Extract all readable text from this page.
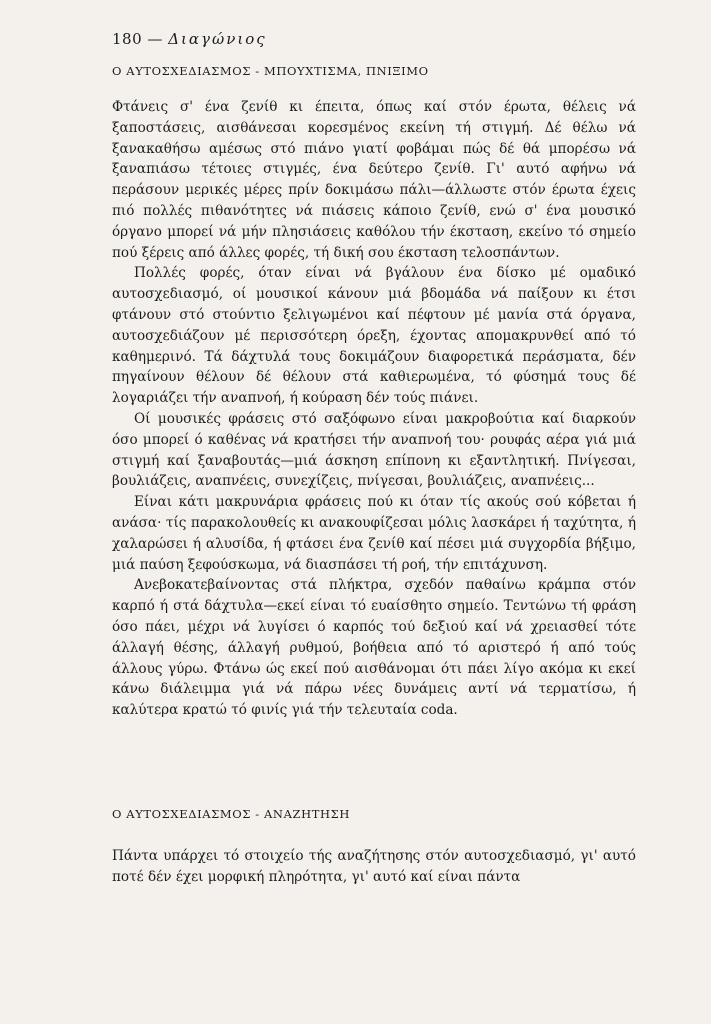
180 — Διαγώνιος
Ο ΑΥΤΟΣΧΕΔΙΑΣΜΟΣ - ΜΠΟΥΧΤΙΣΜΑ, ΠΝΙΞΙΜΟ

Φτάνεις σ' ένα ζενίθ κι έπειτα, όπως καί στόν έρωτα, θέλεις νά ξαποστάσεις, αισθάνεσαι κορεσμένος εκείνη τή στιγμή. Δέ θέλω νά ξανακαθήσω αμέσως στό πιάνο γιατί φοβάμαι πώς δέ θά μπορέσω νά ξαναπιάσω τέτοιες στιγμές, ένα δεύτερο ζενίθ. Γι' αυτό αφήνω νά περάσουν μερικές μέρες πρίν δοκιμάσω πάλι—άλλωστε στόν έρωτα έχεις πιό πολλές πιθανότητες νά πιάσεις κάποιο ζενίθ, ενώ σ' ένα μουσικό όργανο μπορεί νά μήν πλησιάσεις καθόλου τήν έκσταση, εκείνο τό σημείο πού ξέρεις από άλλες φορές, τή δική σου έκσταση τελοσπάντων.

Πολλές φορές, όταν είναι νά βγάλουν ένα δίσκο μέ ομαδικό αυτοσχεδιασμό, οί μουσικοί κάνουν μιά βδομάδα νά παίξουν κι έτσι φτάνουν στό στούντιο ξελιγωμένοι καί πέφτουν μέ μανία στά όργανα, αυτοσχεδιάζουν μέ περισσότερη όρεξη, έχοντας απομακρυνθεί από τό καθημερινό. Τά δάχτυλά τους δοκιμάζουν διαφορετικά περάσματα, δέν πηγαίνουν θέλουν δέ θέλουν στά καθιερωμένα, τό φύσημά τους δέ λογαριάζει τήν αναπνοή, ή κούραση δέν τούς πιάνει.

Οί μουσικές φράσεις στό σαξόφωνο είναι μακροβούτια καί διαρκούν όσο μπορεί ό καθένας νά κρατήσει τήν αναπνοή του· ρουφάς αέρα γιά μιά στιγμή καί ξαναβουτάς—μιά άσκηση επίπονη κι εξαντλητική. Πνίγεσαι, βουλιάζεις, αναπνέεις, συνεχίζεις, πνίγεσαι, βουλιάζεις, αναπνέεις...

Είναι κάτι μακρυνάρια φράσεις πού κι όταν τίς ακούς σού κόβεται ή ανάσα· τίς παρακολουθείς κι ανακουφίζεσαι μόλις λασκάρει ή ταχύτητα, ή χαλαρώσει ή αλυσίδα, ή φτάσει ένα ζενίθ καί πέσει μιά συγχορδία βήξιμο, μιά παύση ξεφούσκωμα, νά διασπάσει τή ροή, τήν επιτάχυνση.

Ανεβοκατεβαίνοντας στά πλήκτρα, σχεδόν παθαίνω κράμπα στόν καρπό ή στά δάχτυλα—εκεί είναι τό ευαίσθητο σημείο. Τεντώνω τή φράση όσο πάει, μέχρι νά λυγίσει ό καρπός τού δεξιού καί νά χρειασθεί τότε άλλαγή θέσης, άλλαγή ρυθμού, βοήθεια από τό αριστερό ή από τούς άλλους γύρω. Φτάνω ώς εκεί πού αισθάνομαι ότι πάει λίγο ακόμα κι εκεί κάνω διάλειμμα γιά νά πάρω νέες δυνάμεις αντί νά τερματίσω, ή καλύτερα κρατώ τό φινίς γιά τήν τελευταία coda.

Ο ΑΥΤΟΣΧΕΔΙΑΣΜΟΣ - ΑΝΑΖΗΤΗΣΗ

Πάντα υπάρχει τό στοιχείο τής αναζήτησης στόν αυτοσχεδιασμό, γι' αυτό ποτέ δέν έχει μορφική πληρότητα, γι' αυτό καί είναι πάντα
